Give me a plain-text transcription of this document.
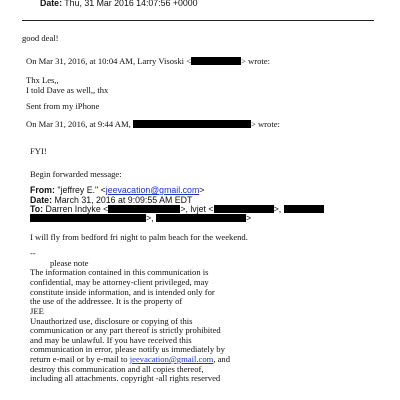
Date: Thu, 31 Mar 2016 14:07:56 +0000
good deal!
On Mar 31, 2016, at 10:04 AM, Larry Visoski <	> wrote:
Thx Les,,
I told Dave as well,, thx
Sent from my iPhone
On Mar 31, 2016, at 9:44 AM,	> wrote:
FYI!
Begin forwarded message:
From: "jeffrey E." <jeevacation@gmail.com>
Date: March 31, 2016 at 9:09:55 AM EDT
To: Darren Indyke <	>, lvjet <	>,
>,	>
I will fly from bedford fri night to palm beach for the weekend.
--
please note
The information contained in this communication is
confidential, may be attorney-client privileged, may
constitute inside information, and is intended only for
the use of the addressee. It is the property of
JEE
Unauthorized use, disclosure or copying of this
communication or any part thereof is strictly prohibited
and may be unlawful. If you have received this
communication in error, please notify us immediately by
return e-mail or by e-mail to jeevacation@gmail.com, and
destroy this communication and all copies thereof,
including all attachments. copyright -all rights reserved
